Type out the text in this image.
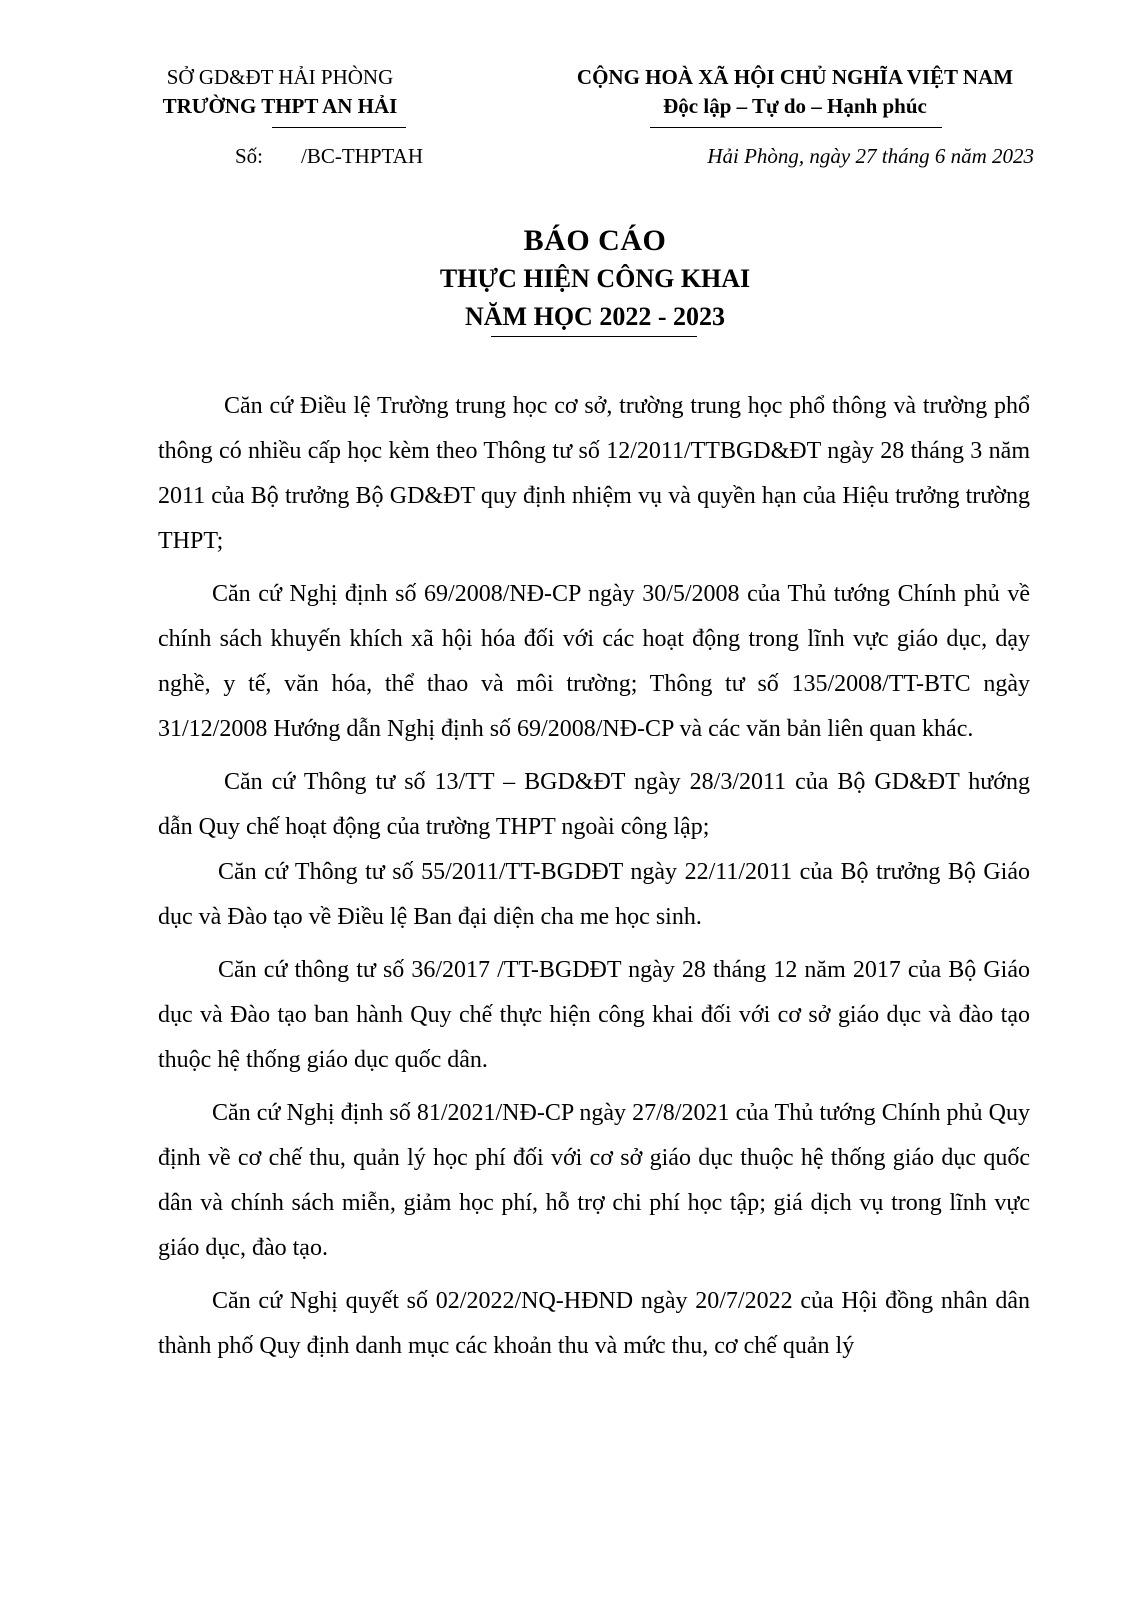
SỞ GD&ĐT HẢI PHÒNG
TRƯỜNG THPT AN HẢI
CỘNG HOÀ XÃ HỘI CHỦ NGHĨA VIỆT NAM
Độc lập – Tự do – Hạnh phúc
Số: /BC-THPTAH	Hải Phòng, ngày 27 tháng 6 năm 2023
BÁO CÁO
THỰC HIỆN CÔNG KHAI
NĂM HỌC 2022 - 2023

Căn cứ Điều lệ Trường trung học cơ sở, trường trung học phổ thông và trường phổ thông có nhiều cấp học kèm theo Thông tư số 12/2011/TTBGD&ĐT ngày 28 tháng 3 năm 2011 của Bộ trưởng Bộ GD&ĐT quy định nhiệm vụ và quyền hạn của Hiệu trưởng trường THPT;

Căn cứ Nghị định số 69/2008/NĐ-CP ngày 30/5/2008 của Thủ tướng Chính phủ về chính sách khuyến khích xã hội hóa đối với các hoạt động trong lĩnh vực giáo dục, dạy nghề, y tế, văn hóa, thể thao và môi trường; Thông tư số 135/2008/TT-BTC ngày 31/12/2008 Hướng dẫn Nghị định số 69/2008/NĐ-CP và các văn bản liên quan khác.

Căn cứ Thông tư số 13/TT – BGD&ĐT ngày 28/3/2011 của Bộ GD&ĐT hướng dẫn Quy chế hoạt động của trường THPT ngoài công lập;

Căn cứ Thông tư số 55/2011/TT-BGDĐT ngày 22/11/2011 của Bộ trưởng Bộ Giáo dục và Đào tạo về Điều lệ Ban đại diện cha me học sinh.

Căn cứ thông tư số 36/2017 /TT-BGDĐT ngày 28 tháng 12 năm 2017 của Bộ Giáo dục và Đào tạo ban hành Quy chế thực hiện công khai đối với cơ sở giáo dục và đào tạo thuộc hệ thống giáo dục quốc dân.

Căn cứ Nghị định số 81/2021/NĐ-CP ngày 27/8/2021 của Thủ tướng Chính phủ Quy định về cơ chế thu, quản lý học phí đối với cơ sở giáo dục thuộc hệ thống giáo dục quốc dân và chính sách miễn, giảm học phí, hỗ trợ chi phí học tập; giá dịch vụ trong lĩnh vực giáo dục, đào tạo.

Căn cứ Nghị quyết số 02/2022/NQ-HĐND ngày 20/7/2022 của Hội đồng nhân dân thành phố Quy định danh mục các khoản thu và mức thu, cơ chế quản lý
